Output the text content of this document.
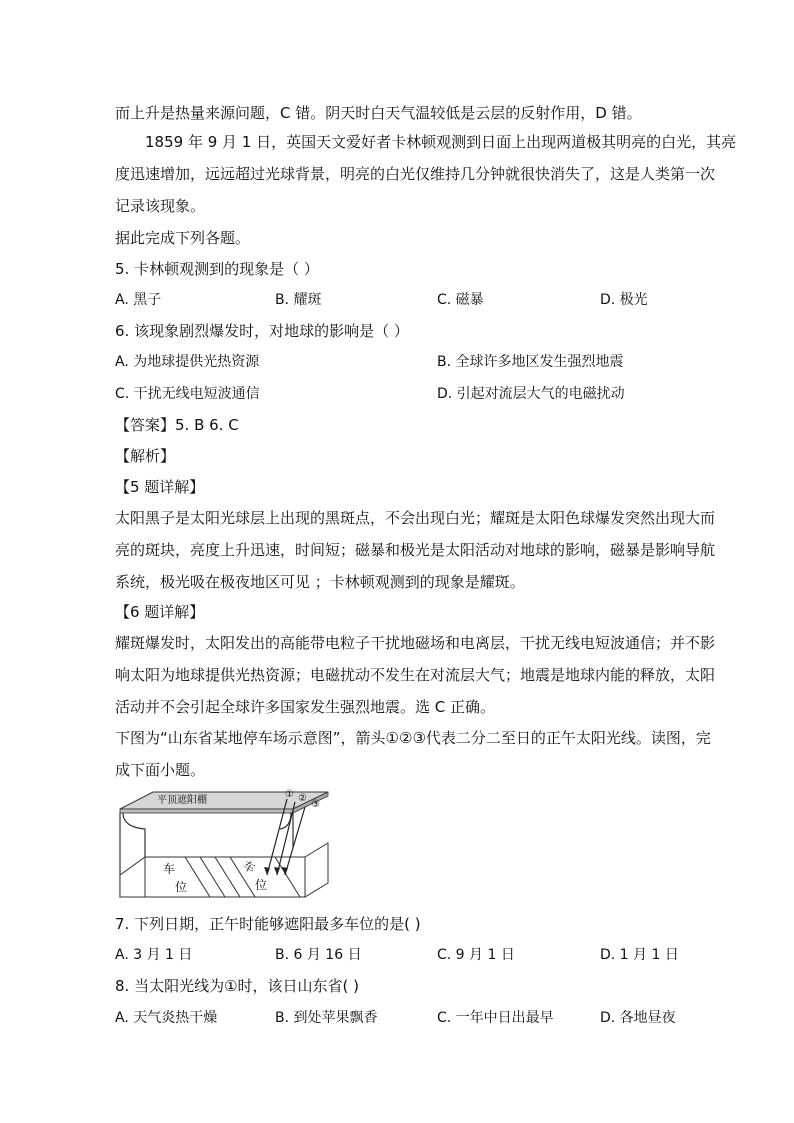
而上升是热量来源问题，C 错。阴天时白天气温较低是云层的反射作用，D 错。
1859 年 9 月 1 日，英国天文爱好者卡林顿观测到日面上出现两道极其明亮的白光，其亮
度迅速增加，远远超过光球背景，明亮的白光仅维持几分钟就很快消失了，这是人类第一次
记录该现象。
据此完成下列各题。
5. 卡林顿观测到的现象是（ ）
A. 黑子	B. 耀斑	C. 磁暴	D. 极光
6. 该现象剧烈爆发时，对地球的影响是（ ）
A. 为地球提供光热资源	B. 全球许多地区发生强烈地震
C. 干扰无线电短波通信	D. 引起对流层大气的电磁扰动
【答案】5. B 6. C
【解析】
【5 题详解】
太阳黑子是太阳光球层上出现的黑斑点，不会出现白光；耀斑是太阳色球爆发突然出现大而
亮的斑块，亮度上升迅速，时间短；磁暴和极光是太阳活动对地球的影响，磁暴是影响导航
系统，极光吸在极夜地区可见 ；卡林顿观测到的现象是耀斑。
【6 题详解】
耀斑爆发时，太阳发出的高能带电粒子干扰地磁场和电离层，干扰无线电短波通信；并不影
响太阳为地球提供光热资源；电磁扰动不发生在对流层大气；地震是地球内能的释放，太阳
活动并不会引起全球许多国家发生强烈地震。选 C 正确。
下图为“山东省某地停车场示意图”，箭头①②③代表二分二至日的正午太阳光线。读图，完
成下面小题。
平顶遮阳棚
① ②
③
车
位
车
位
7. 下列日期，正午时能够遮阳最多车位的是( )
A. 3 月 1 日	B. 6 月 16 日	C. 9 月 1 日	D. 1 月 1 日
8. 当太阳光线为①时，该日山东省( )
A. 天气炎热干燥	B. 到处苹果飘香	C. 一年中日出最早	D. 各地昼夜
